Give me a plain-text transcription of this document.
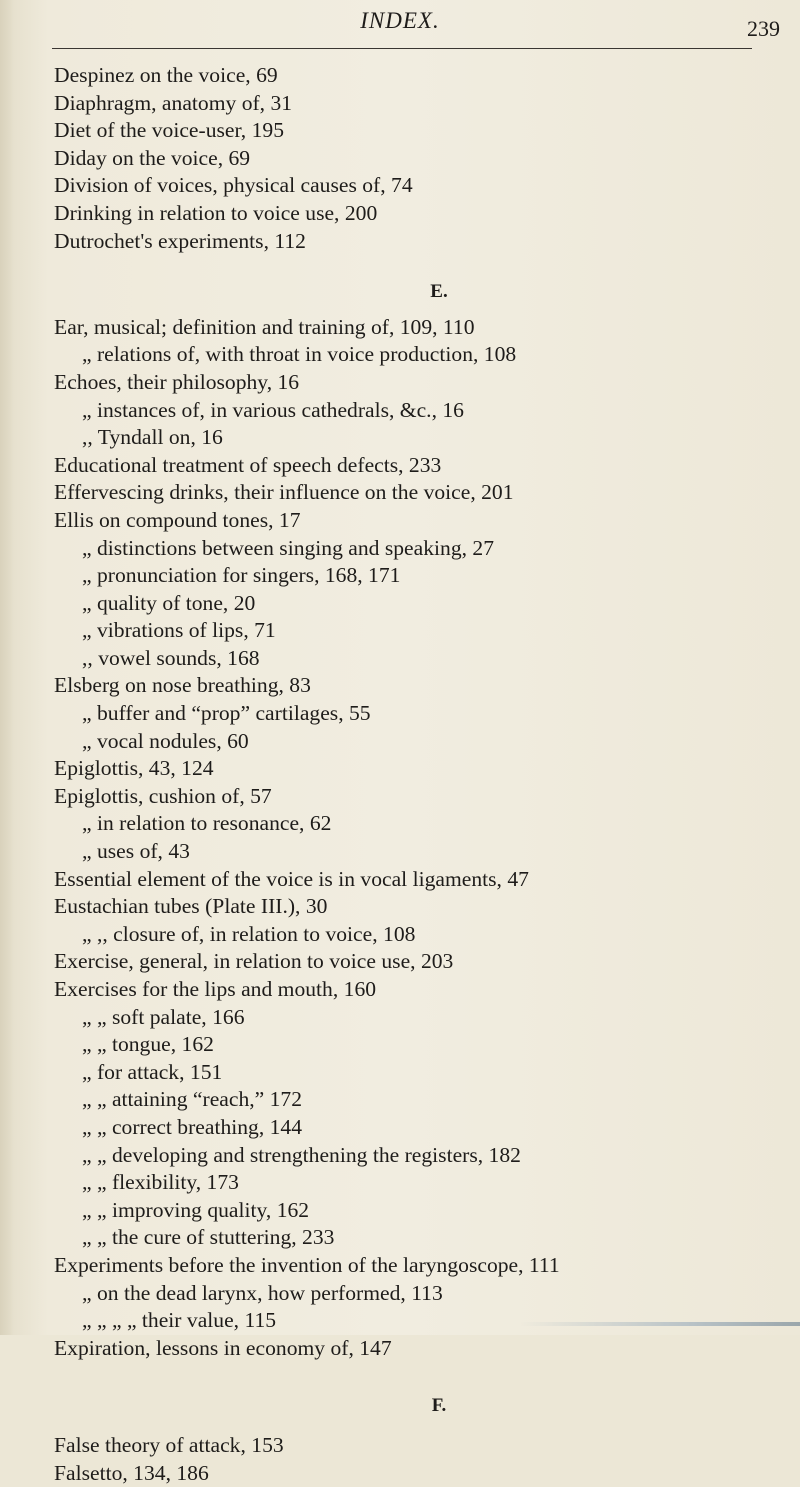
INDEX.	239
Despinez on the voice, 69
Diaphragm, anatomy of, 31
Diet of the voice-user, 195
Diday on the voice, 69
Division of voices, physical causes of, 74
Drinking in relation to voice use, 200
Dutrochet's experiments, 112
E.
Ear, musical; definition and training of, 109, 110
„ relations of, with throat in voice production, 108
Echoes, their philosophy, 16
„ instances of, in various cathedrals, &c., 16
,, Tyndall on, 16
Educational treatment of speech defects, 233
Effervescing drinks, their influence on the voice, 201
Ellis on compound tones, 17
„ distinctions between singing and speaking, 27
„ pronunciation for singers, 168, 171
„ quality of tone, 20
„ vibrations of lips, 71
,, vowel sounds, 168
Elsberg on nose breathing, 83
„ buffer and “prop” cartilages, 55
„ vocal nodules, 60
Epiglottis, 43, 124
Epiglottis, cushion of, 57
„ in relation to resonance, 62
„ uses of, 43
Essential element of the voice is in vocal ligaments, 47
Eustachian tubes (Plate III.), 30
„ ,, closure of, in relation to voice, 108
Exercise, general, in relation to voice use, 203
Exercises for the lips and mouth, 160
„ „ soft palate, 166
„ „ tongue, 162
„ for attack, 151
„ „ attaining “reach,” 172
„ „ correct breathing, 144
„ „ developing and strengthening the registers, 182
„ „ flexibility, 173
„ „ improving quality, 162
„ „ the cure of stuttering, 233
Experiments before the invention of the laryngoscope, 111
„ on the dead larynx, how performed, 113
„ „ „ „ their value, 115
Expiration, lessons in economy of, 147
F.
False theory of attack, 153
Falsetto, 134, 186
